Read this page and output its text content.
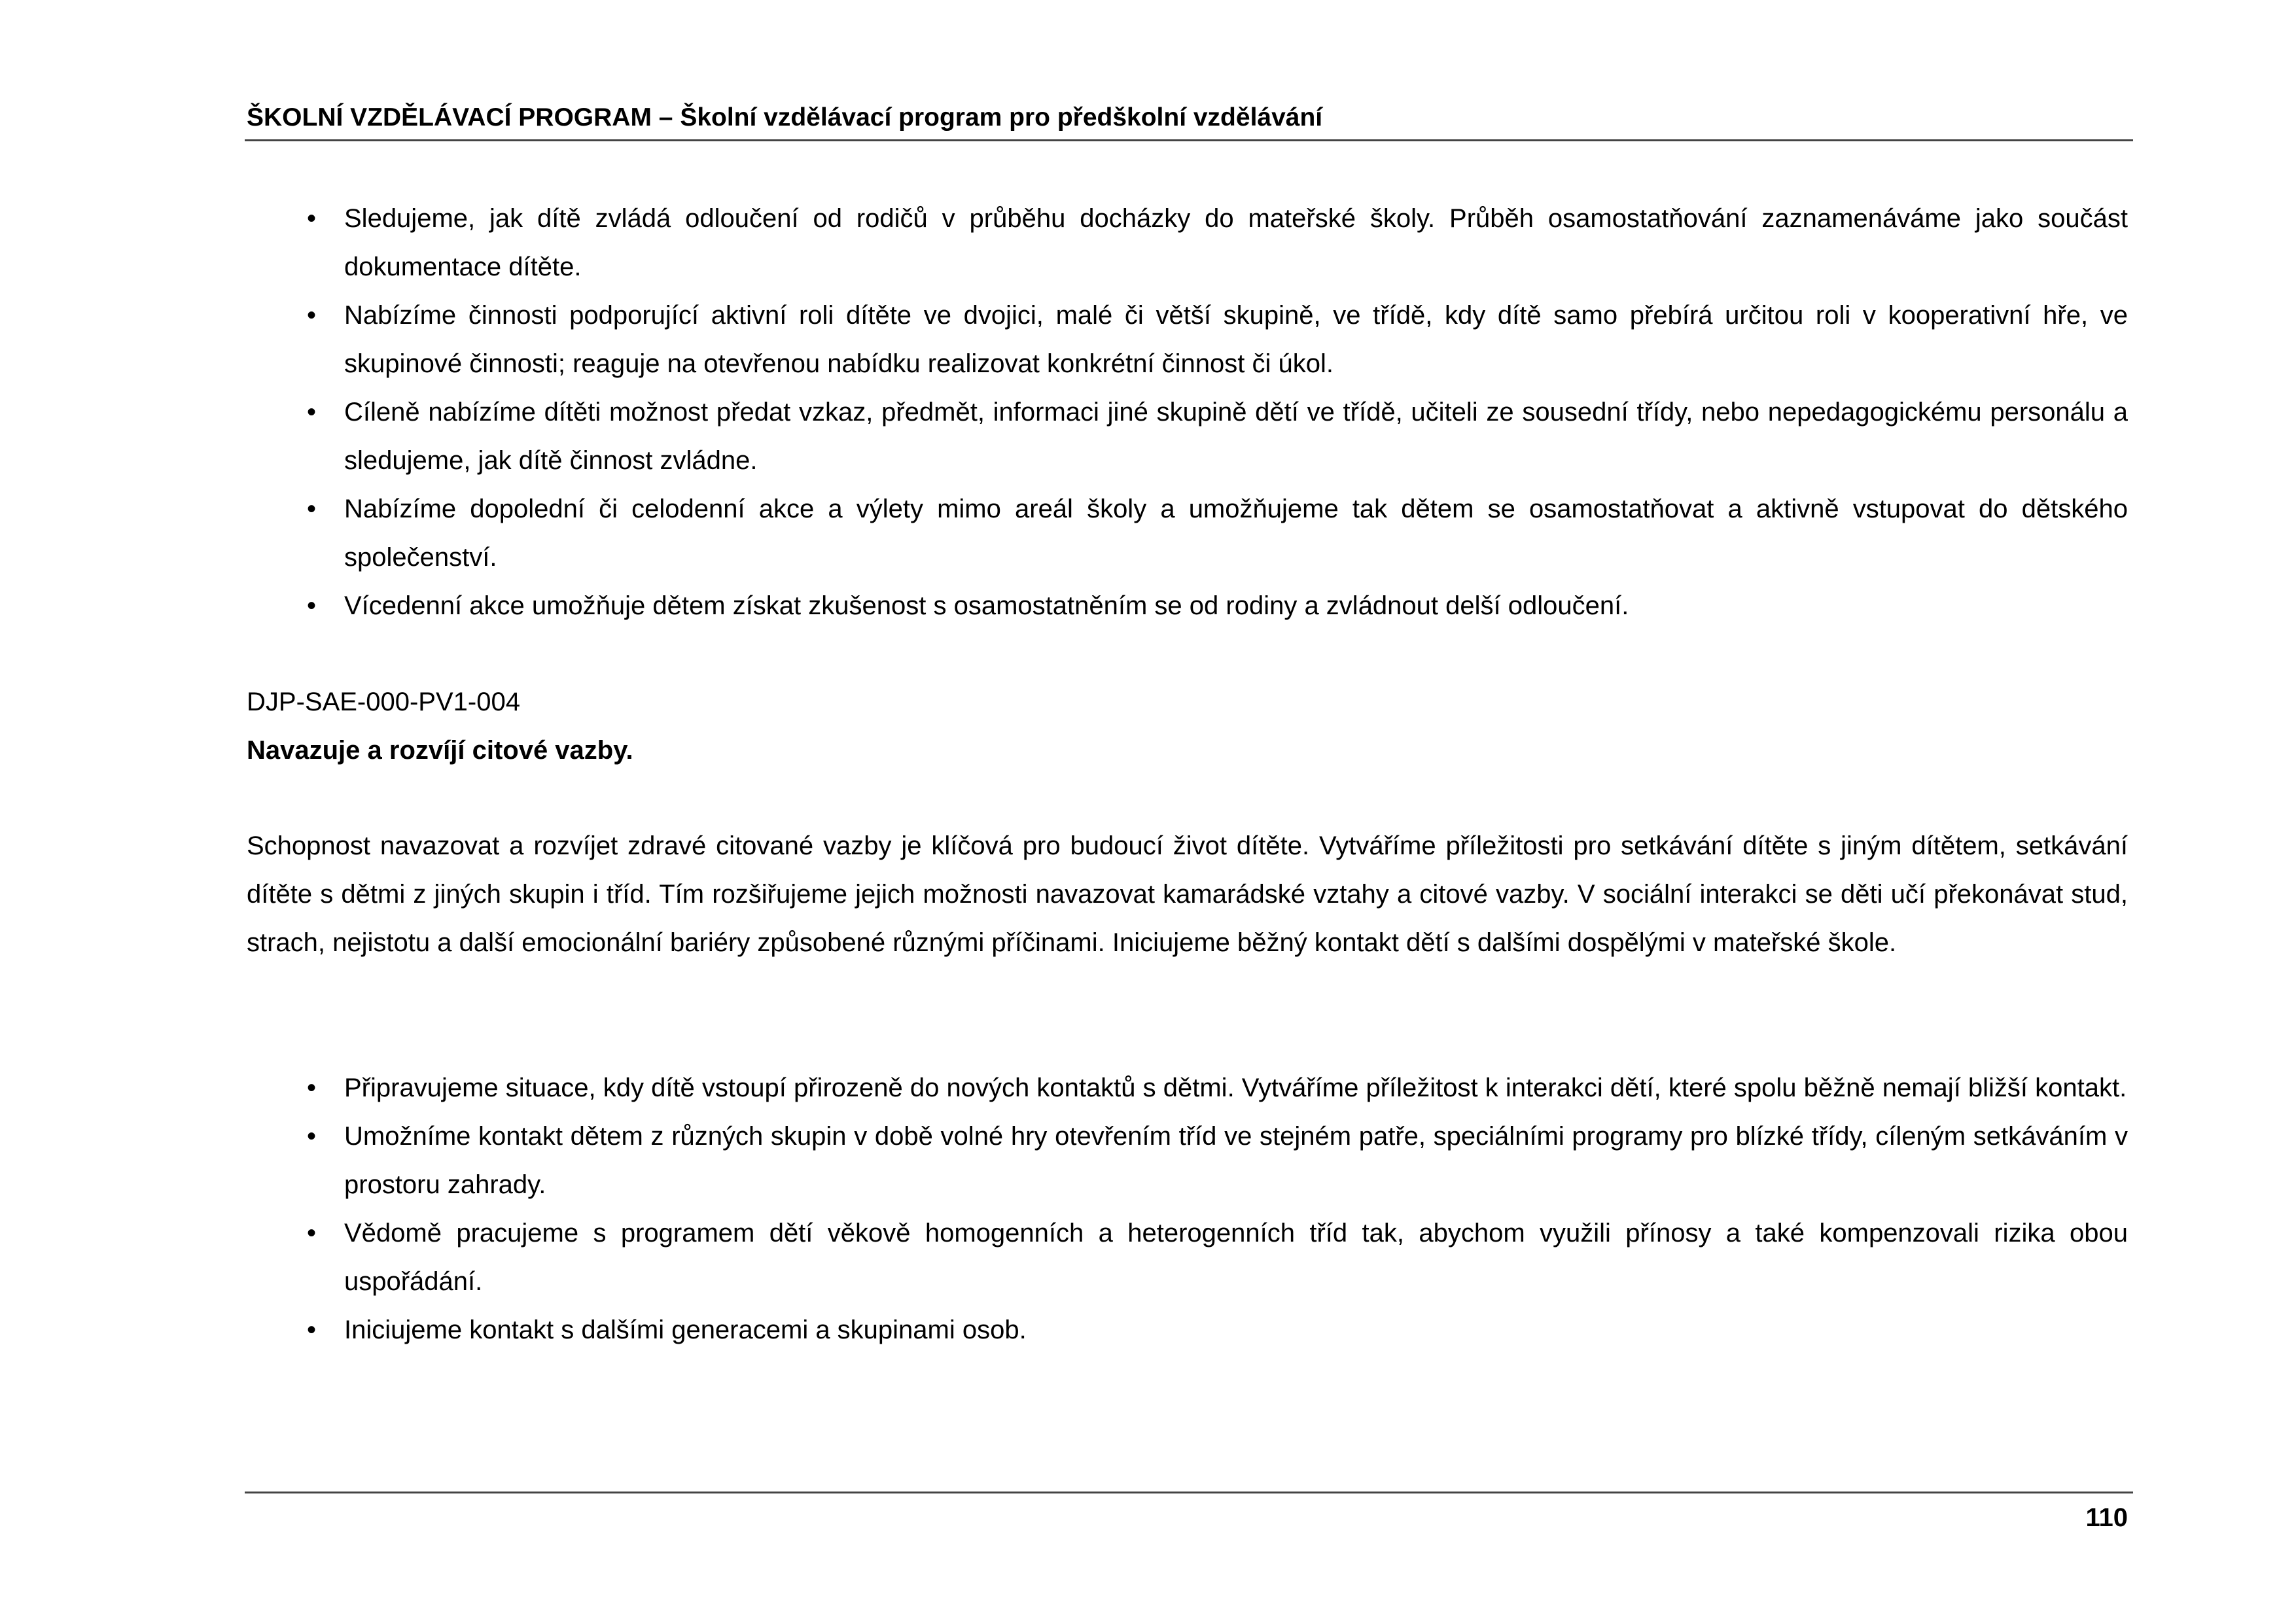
ŠKOLNÍ VZDĚLÁVACÍ PROGRAM – Školní vzdělávací program pro předškolní vzdělávání
•	Sledujeme, jak dítě zvládá odloučení od rodičů v průběhu docházky do mateřské školy. Průběh osamostatňování zaznamenáváme jako součást dokumentace dítěte.
•	Nabízíme činnosti podporující aktivní roli dítěte ve dvojici, malé či větší skupině, ve třídě, kdy dítě samo přebírá určitou roli v kooperativní hře, ve skupinové činnosti; reaguje na otevřenou nabídku realizovat konkrétní činnost či úkol.
•	Cíleně nabízíme dítěti možnost předat vzkaz, předmět, informaci jiné skupině dětí ve třídě, učiteli ze sousední třídy, nebo nepedagogickému personálu a sledujeme, jak dítě činnost zvládne.
•	Nabízíme dopolední či celodenní akce a výlety mimo areál školy a umožňujeme tak dětem se osamostatňovat a aktivně vstupovat do dětského společenství.
•	Vícedenní akce umožňuje dětem získat zkušenost s osamostatněním se od rodiny a zvládnout delší odloučení.
DJP-SAE-000-PV1-004
Navazuje a rozvíjí citové vazby.

Schopnost navazovat a rozvíjet zdravé citované vazby je klíčová pro budoucí život dítěte. Vytváříme příležitosti pro setkávání dítěte s jiným dítětem, setkávání dítěte s dětmi z jiných skupin i tříd. Tím rozšiřujeme jejich možnosti navazovat kamarádské vztahy a citové vazby. V sociální interakci se děti učí překonávat stud, strach, nejistotu a další emocionální bariéry způsobené různými příčinami. Iniciujeme běžný kontakt dětí s dalšími dospělými v mateřské škole.

•	Připravujeme situace, kdy dítě vstoupí přirozeně do nových kontaktů s dětmi. Vytváříme příležitost k interakci dětí, které spolu běžně nemají bližší kontakt.
•	Umožníme kontakt dětem z různých skupin v době volné hry otevřením tříd ve stejném patře, speciálními programy pro blízké třídy, cíleným setkáváním v prostoru zahrady.
•	Vědomě pracujeme s programem dětí věkově homogenních a heterogenních tříd tak, abychom využili přínosy a také kompenzovali rizika obou uspořádání.
•	Iniciujeme kontakt s dalšími generacemi a skupinami osob.
110
